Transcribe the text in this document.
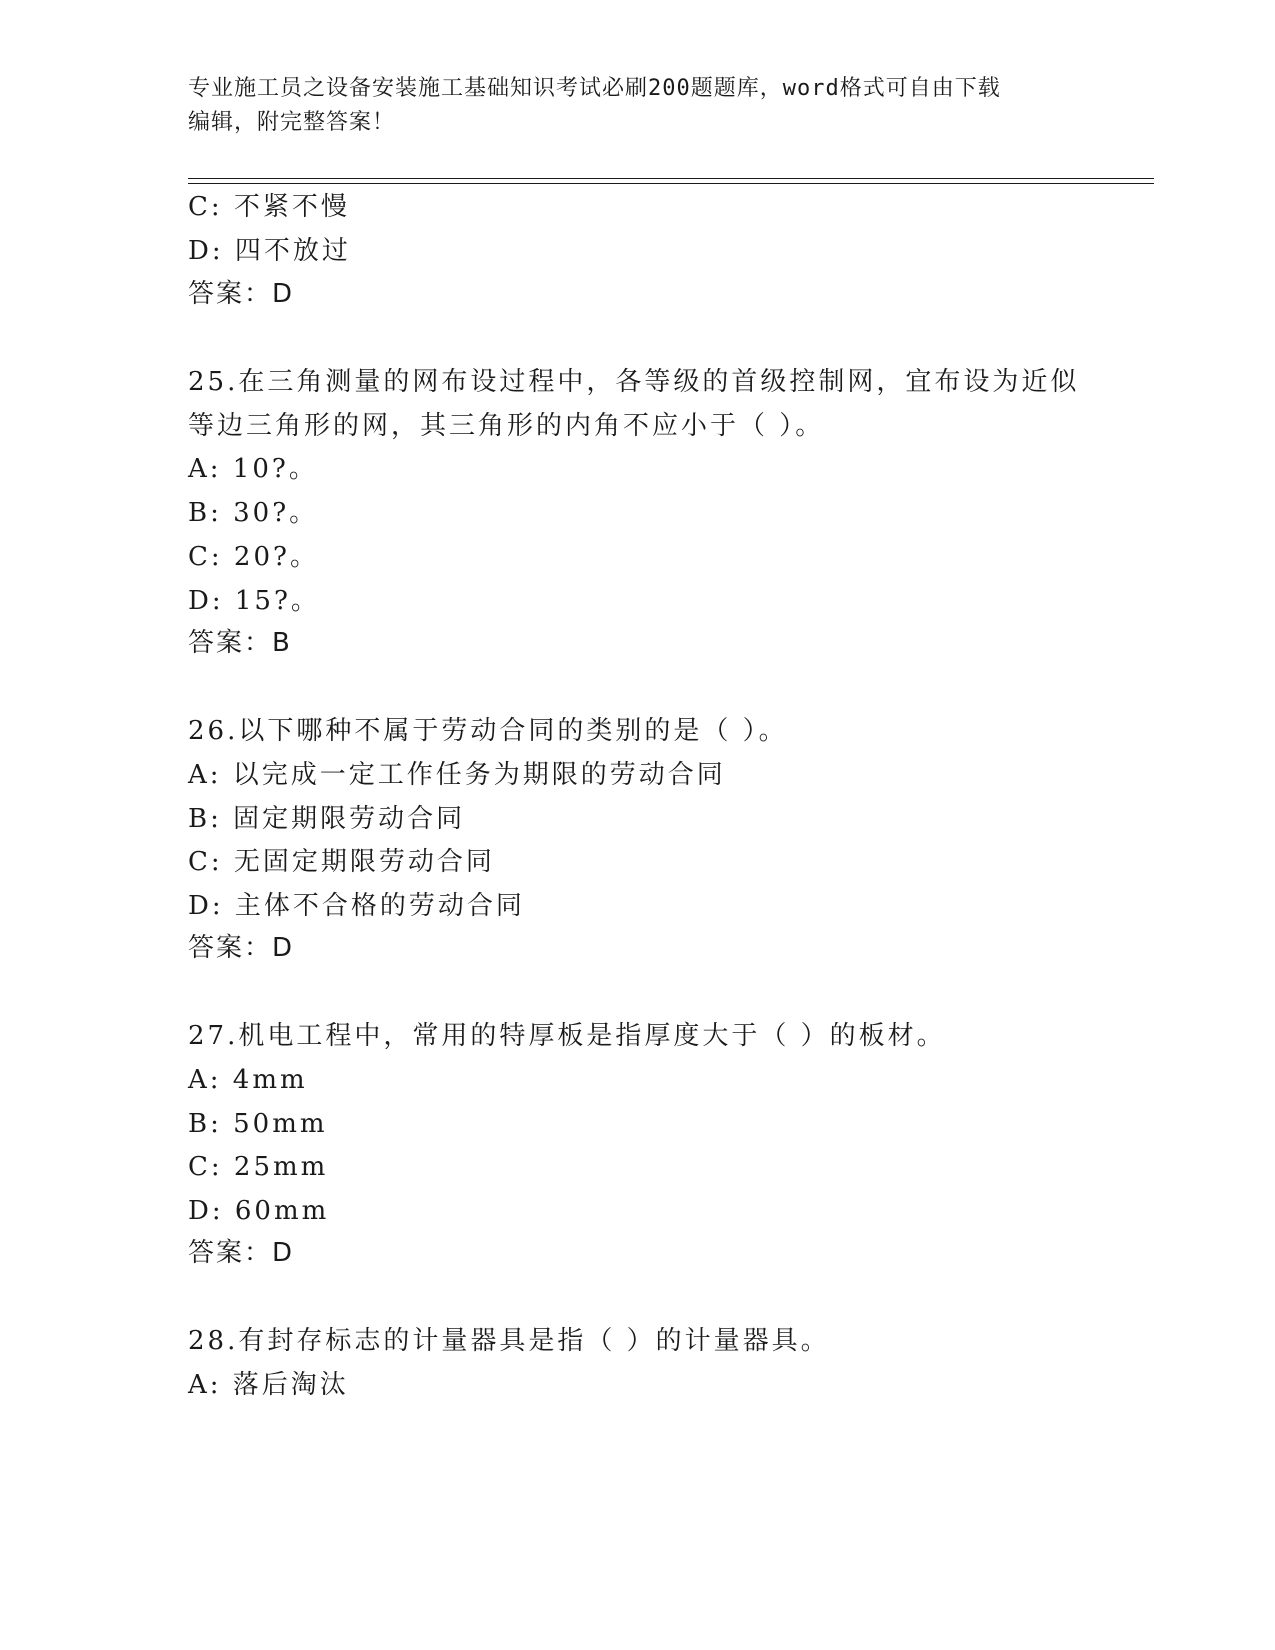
专业施工员之设备安装施工基础知识考试必刷200题题库，word格式可自由下载
编辑，附完整答案！
C: 不紧不慢
D: 四不放过
答案：D
25.在三角测量的网布设过程中，各等级的首级控制网，宜布设为近似
等边三角形的网，其三角形的内角不应小于（ ）。
A: 10?。
B: 30?。
C: 20?。
D: 15?。
答案：B
26.以下哪种不属于劳动合同的类别的是（ ）。
A: 以完成一定工作任务为期限的劳动合同
B: 固定期限劳动合同
C: 无固定期限劳动合同
D: 主体不合格的劳动合同
答案：D
27.机电工程中，常用的特厚板是指厚度大于（ ）的板材。
A: 4mm
B: 50mm
C: 25mm
D: 60mm
答案：D
28.有封存标志的计量器具是指（ ）的计量器具。
A: 落后淘汰
